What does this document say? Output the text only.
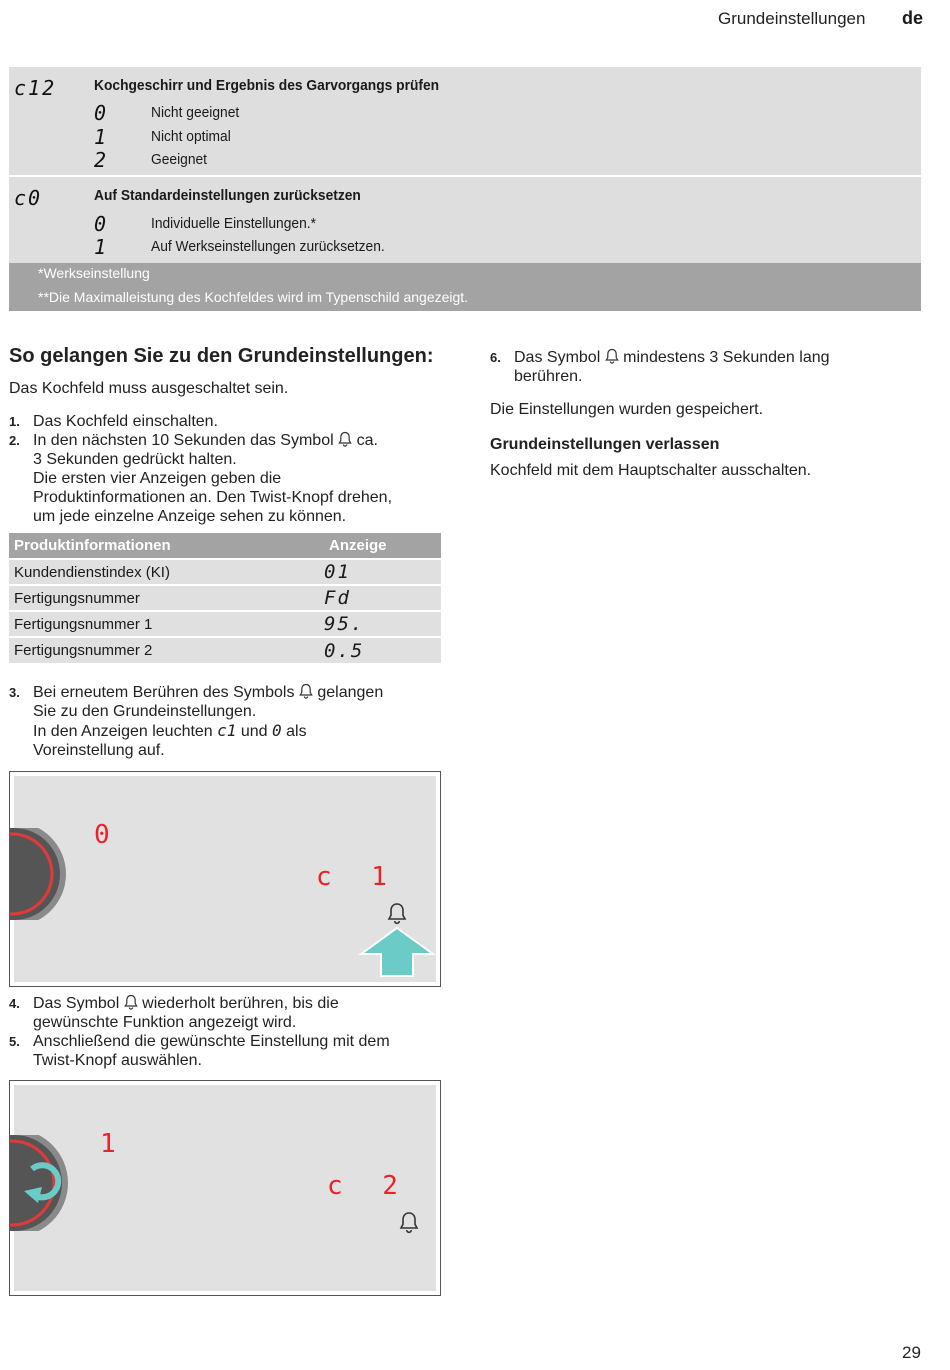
Grundeinstellungen de
c12	Kochgeschirr und Ergebnis des Garvorgangs prüfen
0	Nicht geeignet
1	Nicht optimal
2	Geeignet
c0	Auf Standardeinstellungen zurücksetzen
0	Individuelle Einstellungen.*
1	Auf Werkseinstellungen zurücksetzen.
*Werkseinstellung
**Die Maximalleistung des Kochfeldes wird im Typenschild angezeigt.
So gelangen Sie zu den Grundeinstellungen:
Das Kochfeld muss ausgeschaltet sein.
1. Das Kochfeld einschalten.
2. In den nächsten 10 Sekunden das Symbol ca.
3 Sekunden gedrückt halten.
Die ersten vier Anzeigen geben die
Produktinformationen an. Den Twist-Knopf drehen,
um jede einzelne Anzeige sehen zu können.
Produktinformationen	Anzeige
Kundendienstindex (KI)	01
Fertigungsnummer	Fd
Fertigungsnummer 1	95.
Fertigungsnummer 2	0.5
3. Bei erneutem Berühren des Symbols gelangen
Sie zu den Grundeinstellungen.
In den Anzeigen leuchten c1 und 0 als
Voreinstellung auf.
0
c 1
4. Das Symbol wiederholt berühren, bis die
gewünschte Funktion angezeigt wird.
5. Anschließend die gewünschte Einstellung mit dem
Twist-Knopf auswählen.
1
c 2
6. Das Symbol mindestens 3 Sekunden lang
berühren.
Die Einstellungen wurden gespeichert.
Grundeinstellungen verlassen
Kochfeld mit dem Hauptschalter ausschalten.
29
